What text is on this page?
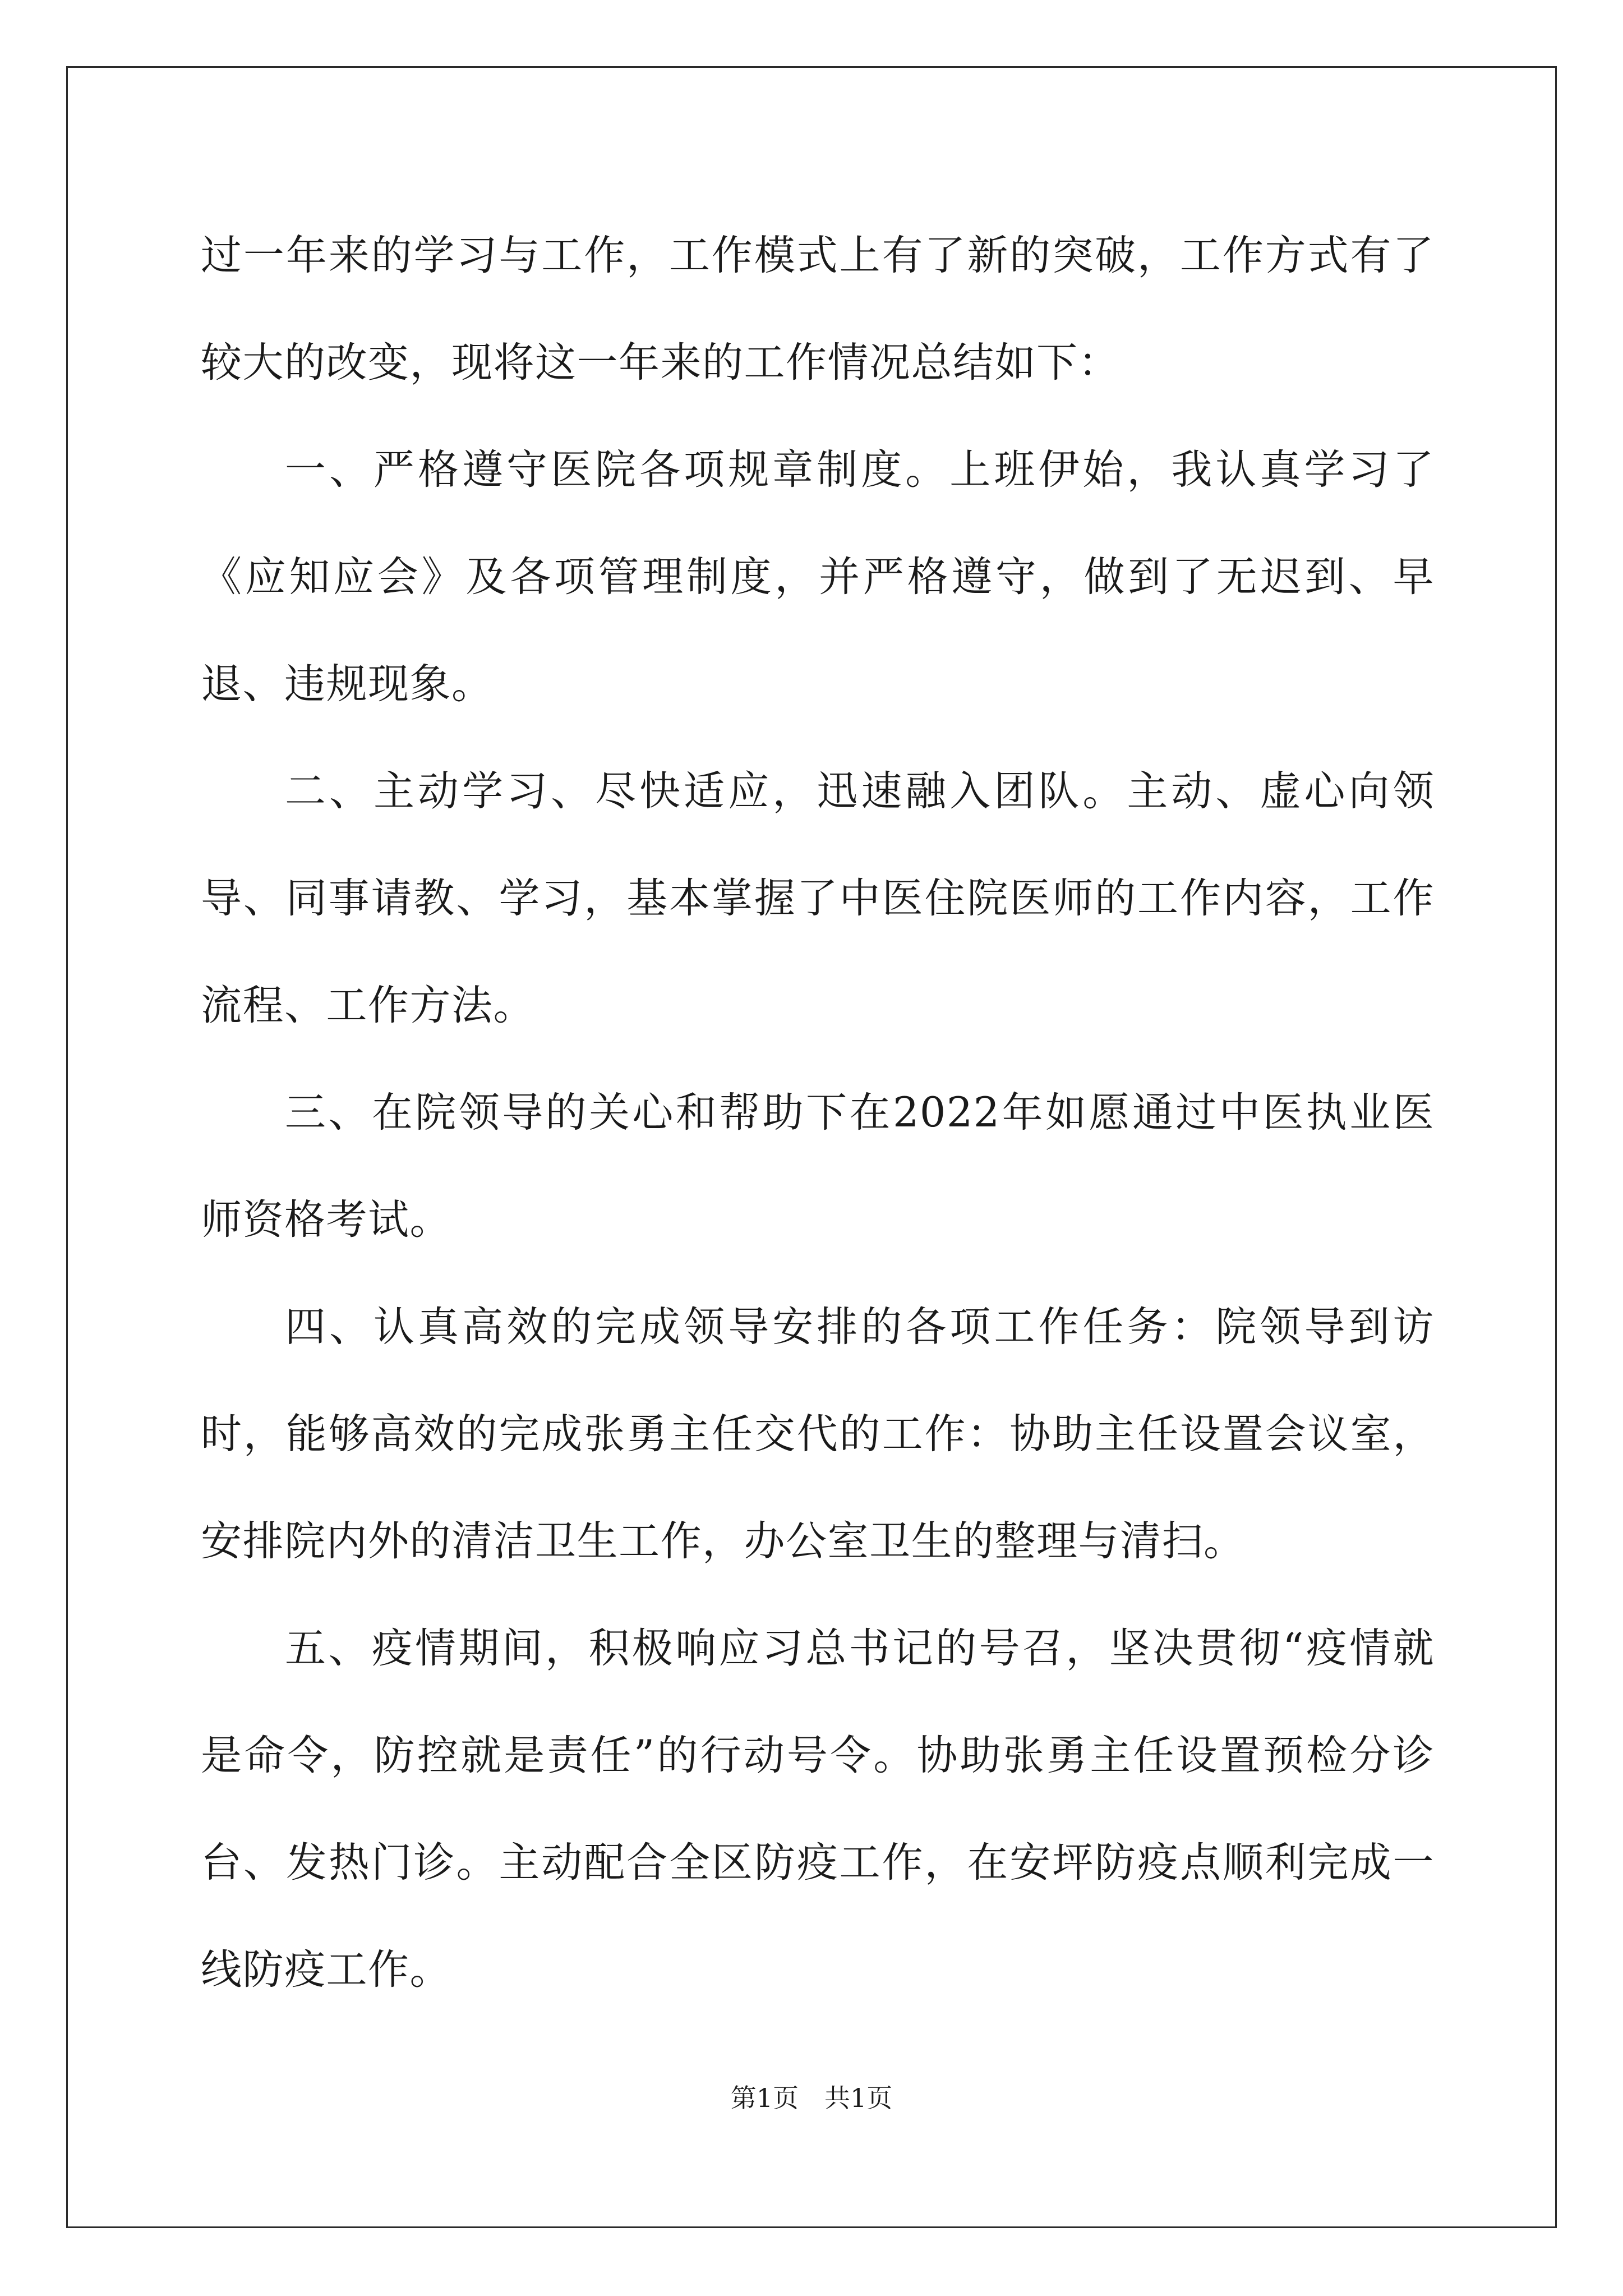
过一年来的学习与工作，工作模式上有了新的突破，工作方式有了较大的改变，现将这一年来的工作情况总结如下：

一、严格遵守医院各项规章制度。上班伊始，我认真学习了《应知应会》及各项管理制度，并严格遵守，做到了无迟到、早退、违规现象。

二、主动学习、尽快适应，迅速融入团队。主动、虚心向领导、同事请教、学习，基本掌握了中医住院医师的工作内容，工作流程、工作方法。

三、在院领导的关心和帮助下在2022年如愿通过中医执业医师资格考试。

四、认真高效的完成领导安排的各项工作任务：院领导到访时，能够高效的完成张勇主任交代的工作：协助主任设置会议室，安排院内外的清洁卫生工作，办公室卫生的整理与清扫。

五、疫情期间，积极响应习总书记的号召，坚决贯彻“疫情就是命令，防控就是责任”的行动号令。协助张勇主任设置预检分诊台、发热门诊。主动配合全区防疫工作，在安坪防疫点顺利完成一线防疫工作。

第1页　共1页
